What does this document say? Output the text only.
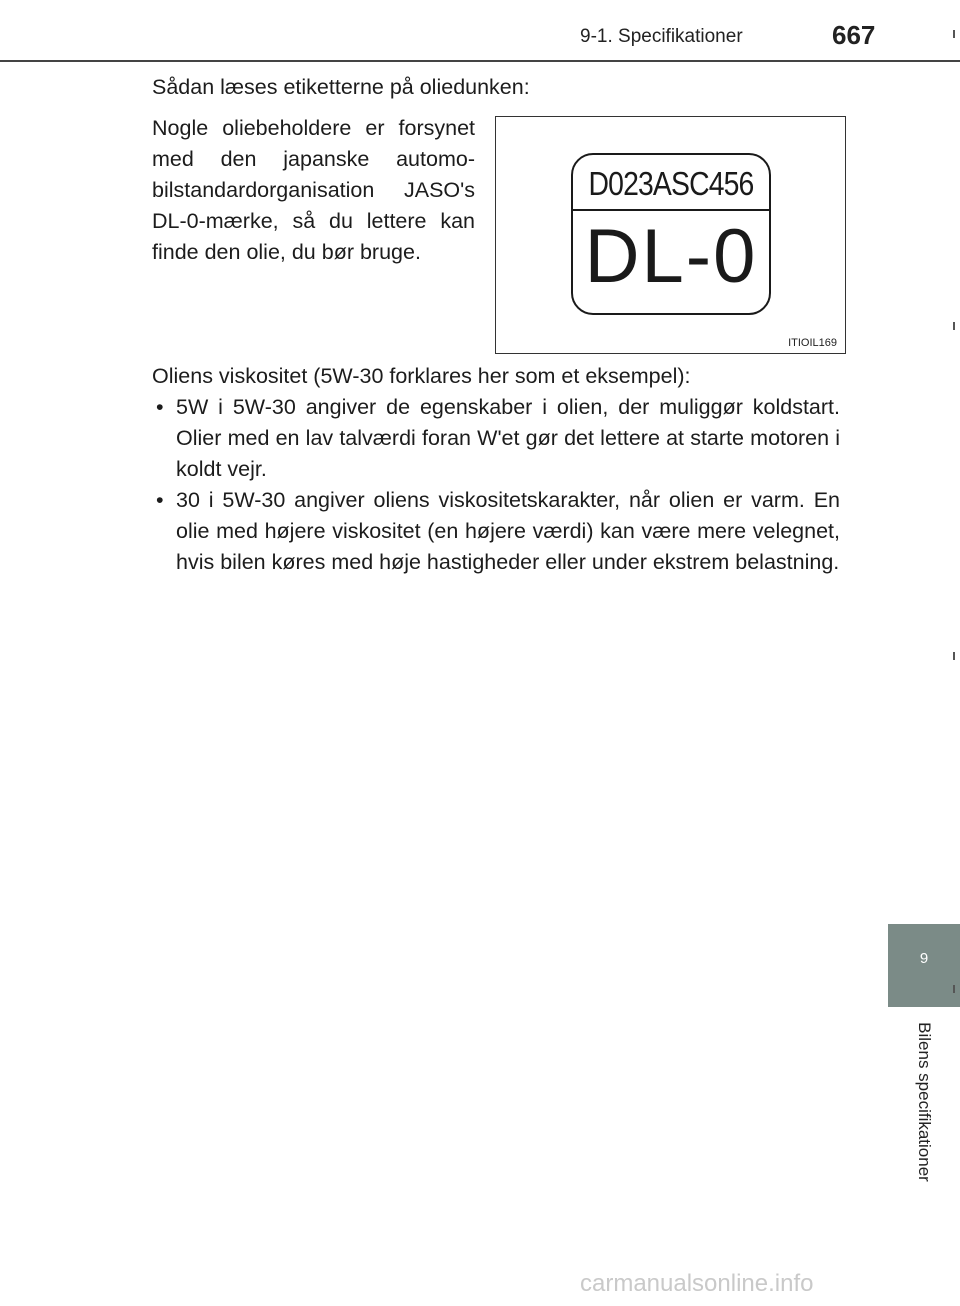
9-1. Specifikationer	667
Sådan læses etiketterne på oliedunken:
Nogle oliebeholdere er forsynet med den japanske automobilstandardorganisation JASO's DL-0-mærke, så du lettere kan finde den olie, du bør bruge.
D023ASC456
DL-0
ITIOIL169
Oliens viskositet (5W-30 forklares her som et eksempel):
• 5W i 5W-30 angiver de egenskaber i olien, der muliggør koldstart. Olier med en lav talværdi foran W'et gør det lettere at starte motoren i koldt vejr.
• 30 i 5W-30 angiver oliens viskositetskarakter, når olien er varm. En olie med højere viskositet (en højere værdi) kan være mere velegnet, hvis bilen køres med høje hastigheder eller under ekstrem belastning.
9
Bilens specifikationer
carmanualsonline.info
